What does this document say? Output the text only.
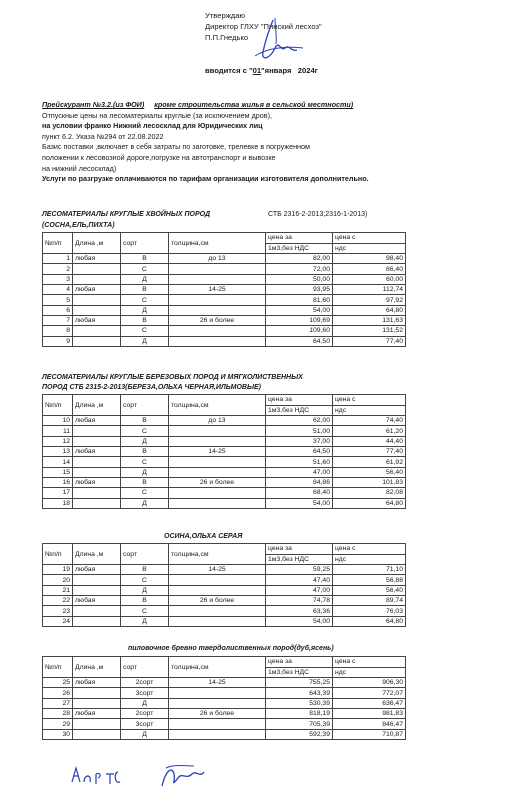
Утверждаю
Директор ГЛХУ "Пинский лесхоз"
П.П.Гнедько
вводится с "01"января 2024г
Прейскурант №3.2.(из ФОИ) кроме строительства жилья в сельской местности)
Отпускные цены на лесоматериалы круглые (за исключением дров),
на условии франко Нижний лесосклад для Юридических лиц
пункт 6.2. Указа №294 от 22.08.2022
Базис поставки ,включает в себя затраты по заготовке, трелевке в погруженном
положении к лесовозной дороге,погрузке на автотранспорт и вывозке
на нижний лесосклад)
Услуги по разгрузке оплачиваются по тарифам организации изготовителя дополнительно.
ЛЕСОМАТЕРИАЛЫ КРУГЛЫЕ ХВОЙНЫХ ПОРОД	СТБ 2316-2-2013;2316-1-2013)
(СОСНА,ЕЛЬ,ПИХТА)
ЛЕСОМАТЕРИАЛЫ КРУГЛЫЕ БЕРЕЗОВЫХ ПОРОД И МЯГКОЛИСТВЕННЫХ
ПОРОД СТБ 2315-2-2013(БЕРЕЗА,ОЛЬХА ЧЕРНАЯ,ИЛЬМОВЫЕ)
ОСИНА,ОЛЬХА СЕРАЯ
пиловочное бревно твердолиственных пород(дуб,ясень)
№п/п	Длина ,м	сорт	толщина,см	цена за	цена с
				1м3,без НДС	ндс
1	любая	В	до 13	82,00	98,40
2		С		72,00	86,40
3		Д		50,00	60,00
4	любая	В	14-25	93,95	112,74
5		С		81,60	97,92
6		Д		54,00	64,80
7	любая	В	26 и более	109,69	131,63
8		С		109,60	131,52
9		Д		64,50	77,40
№п/п	Длина ,м	сорт	толщина,см	цена за	цена с
				1м3,без НДС	ндс
10	любая	В	до 13	62,00	74,40
11		С		51,00	61,20
12		Д		37,00	44,40
13	любая	В	14-25	64,50	77,40
14		С		51,60	61,92
15		Д		47,00	56,40
16	любая	В	26 и более	84,86	101,83
17		С		68,40	82,08
18		Д		54,00	64,80
№п/п	Длина ,м	сорт	толщина,см	цена за	цена с
				1м3,без НДС	ндс
19	любая	В	14-25	59,25	71,10
20		С		47,40	56,88
21		Д		47,00	56,40
22	любая	В	26 и более	74,78	89,74
23		С		63,36	76,03
24		Д		54,00	64,80
№п/п	Длина ,м	сорт	толщина,см	цена за	цена с
				1м3,без НДС	ндс
25	любая	2сорт	14-25	755,25	906,30
26		3сорт		643,39	772,07
27		Д		530,39	636,47
28	любая	2сорт	26 и более	818,19	981,83
29		3сорт		705,39	846,47
30		Д		592,39	710,87
